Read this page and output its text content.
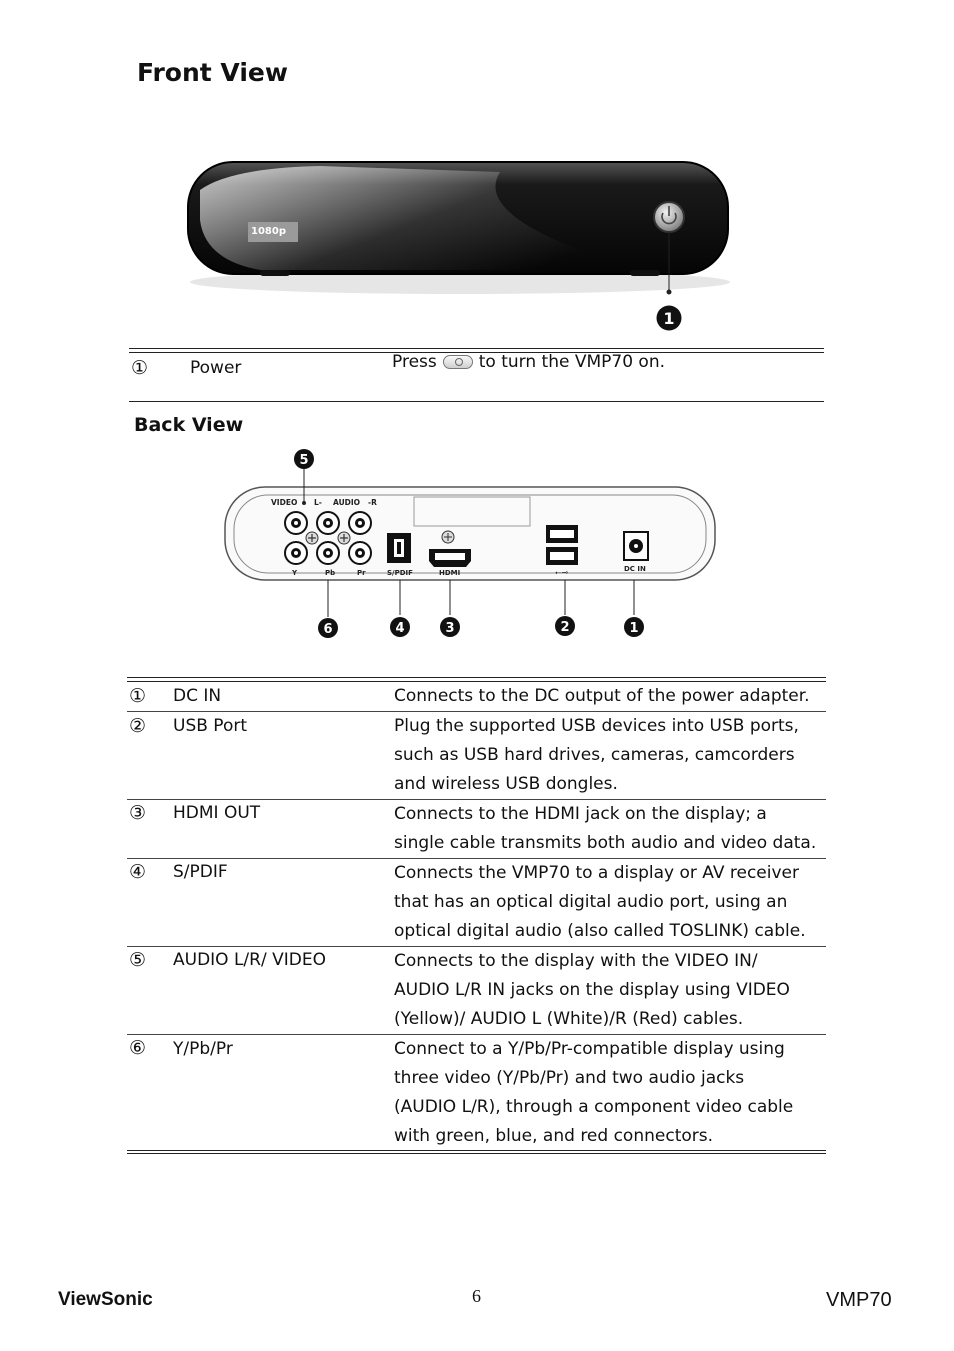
Front View
1080p
1
① Power	Press to turn the VMP70 on.
Back View
5
VIDEO L- AUDIO -R
Y	Pb	Pr	S/PDIF	HDMI	⭠⊸	DC IN
6	4	3	2	1
① DC IN	Connects to the DC output of the power adapter.
② USB Port	Plug the supported USB devices into USB ports,
such as USB hard drives, cameras, camcorders
and wireless USB dongles.
③ HDMI OUT	Connects to the HDMI jack on the display; a
single cable transmits both audio and video data.
④ S/PDIF	Connects the VMP70 to a display or AV receiver
that has an optical digital audio port, using an
optical digital audio (also called TOSLINK) cable.
⑤ AUDIO L/R/ VIDEO	Connects to the display with the VIDEO IN/
AUDIO L/R IN jacks on the display using VIDEO
(Yellow)/ AUDIO L (White)/R (Red) cables.
⑥ Y/Pb/Pr	Connect to a Y/Pb/Pr-compatible display using
three video (Y/Pb/Pr) and two audio jacks
(AUDIO L/R), through a component video cable
with green, blue, and red connectors.
ViewSonic	6	VMP70
